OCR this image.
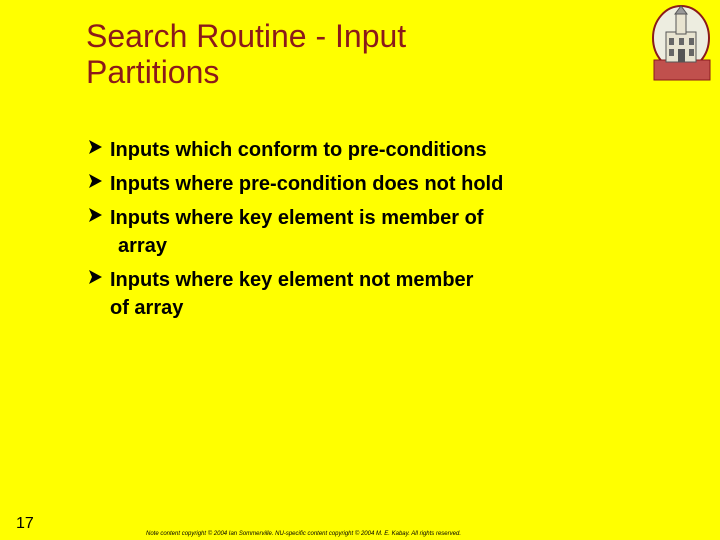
Search Routine - Input
Partitions
Inputs which conform to pre-conditions
Inputs where pre-condition does not hold
Inputs where key element is member of
array
Inputs where key element not member
of array
17
Note content copyright © 2004 Ian Sommerville. NU-specific content copyright © 2004 M. E. Kabay. All rights reserved.
